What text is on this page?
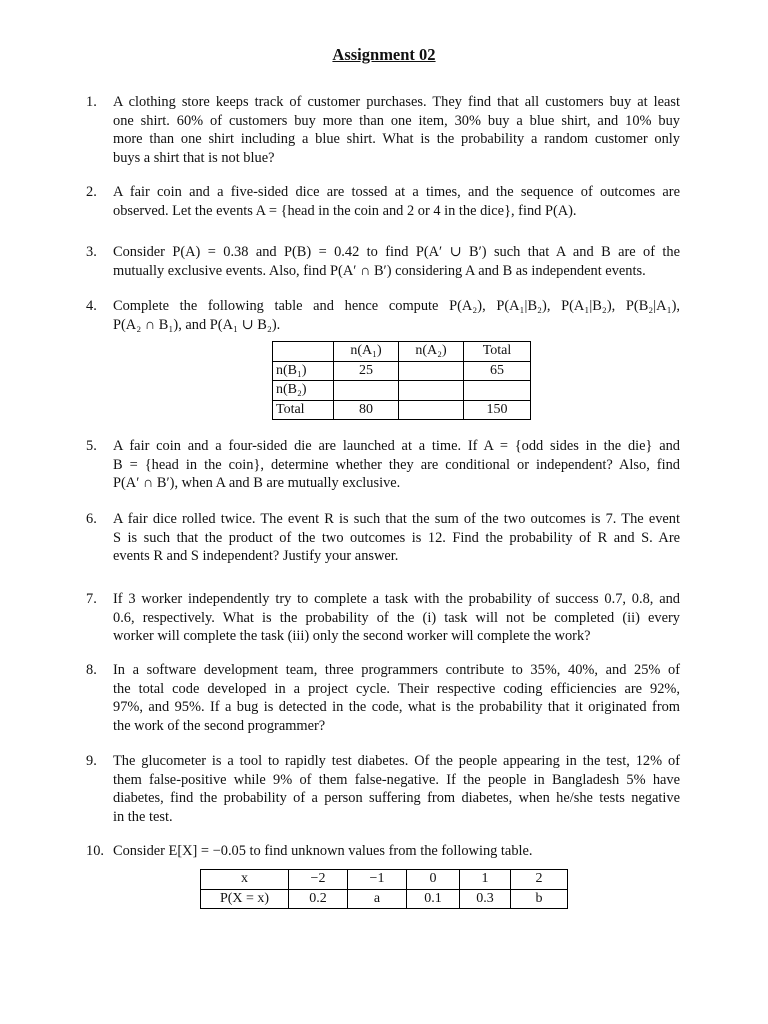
Assignment 02
1.	A clothing store keeps track of customer purchases. They find that all customers buy at least
one shirt. 60% of customers buy more than one item, 30% buy a blue shirt, and 10% buy
more than one shirt including a blue shirt. What is the probability a random customer only
buys a shirt that is not blue?
2.	A fair coin and a five-sided dice are tossed at a times, and the sequence of outcomes are
observed. Let the events A = {head in the coin and 2 or 4 in the dice}, find P(A).
3.	Consider P(A) = 0.38 and P(B) = 0.42 to find P(A′ ∪ B′) such that A and B are of the
mutually exclusive events. Also, find P(A′ ∩ B′) considering A and B as independent events.
4.	Complete the following table and hence compute P(A₂), P(A₁|B₂), P(A₁|B₂), P(B₂|A₁),
P(A₂ ∩ B₁), and P(A₁ ∪ B₂).
5.	A fair coin and a four-sided die are launched at a time. If A = {odd sides in the die} and
B = {head in the coin}, determine whether they are conditional or independent? Also, find
P(A′ ∩ B′), when A and B are mutually exclusive.
6.	A fair dice rolled twice. The event R is such that the sum of the two outcomes is 7. The event
S is such that the product of the two outcomes is 12. Find the probability of R and S. Are
events R and S independent? Justify your answer.
7.	If 3 worker independently try to complete a task with the probability of success 0.7, 0.8, and
0.6, respectively. What is the probability of the (i) task will not be completed (ii) every
worker will complete the task (iii) only the second worker will complete the work?
8.	In a software development team, three programmers contribute to 35%, 40%, and 25% of
the total code developed in a project cycle. Their respective coding efficiencies are 92%,
97%, and 95%. If a bug is detected in the code, what is the probability that it originated from
the work of the second programmer?
9.	The glucometer is a tool to rapidly test diabetes. Of the people appearing in the test, 12% of
them false-positive while 9% of them false-negative. If the people in Bangladesh 5% have
diabetes, find the probability of a person suffering from diabetes, when he/she tests negative
in the test.
10. Consider E[X] = −0.05 to find unknown values from the following table.
	n(A₁)	n(A₂)	Total
n(B₁)	25		65
n(B₂)			
Total	80		150
x	−2	−1	0	1	2
P(X = x)	0.2	a	0.1	0.3	b
